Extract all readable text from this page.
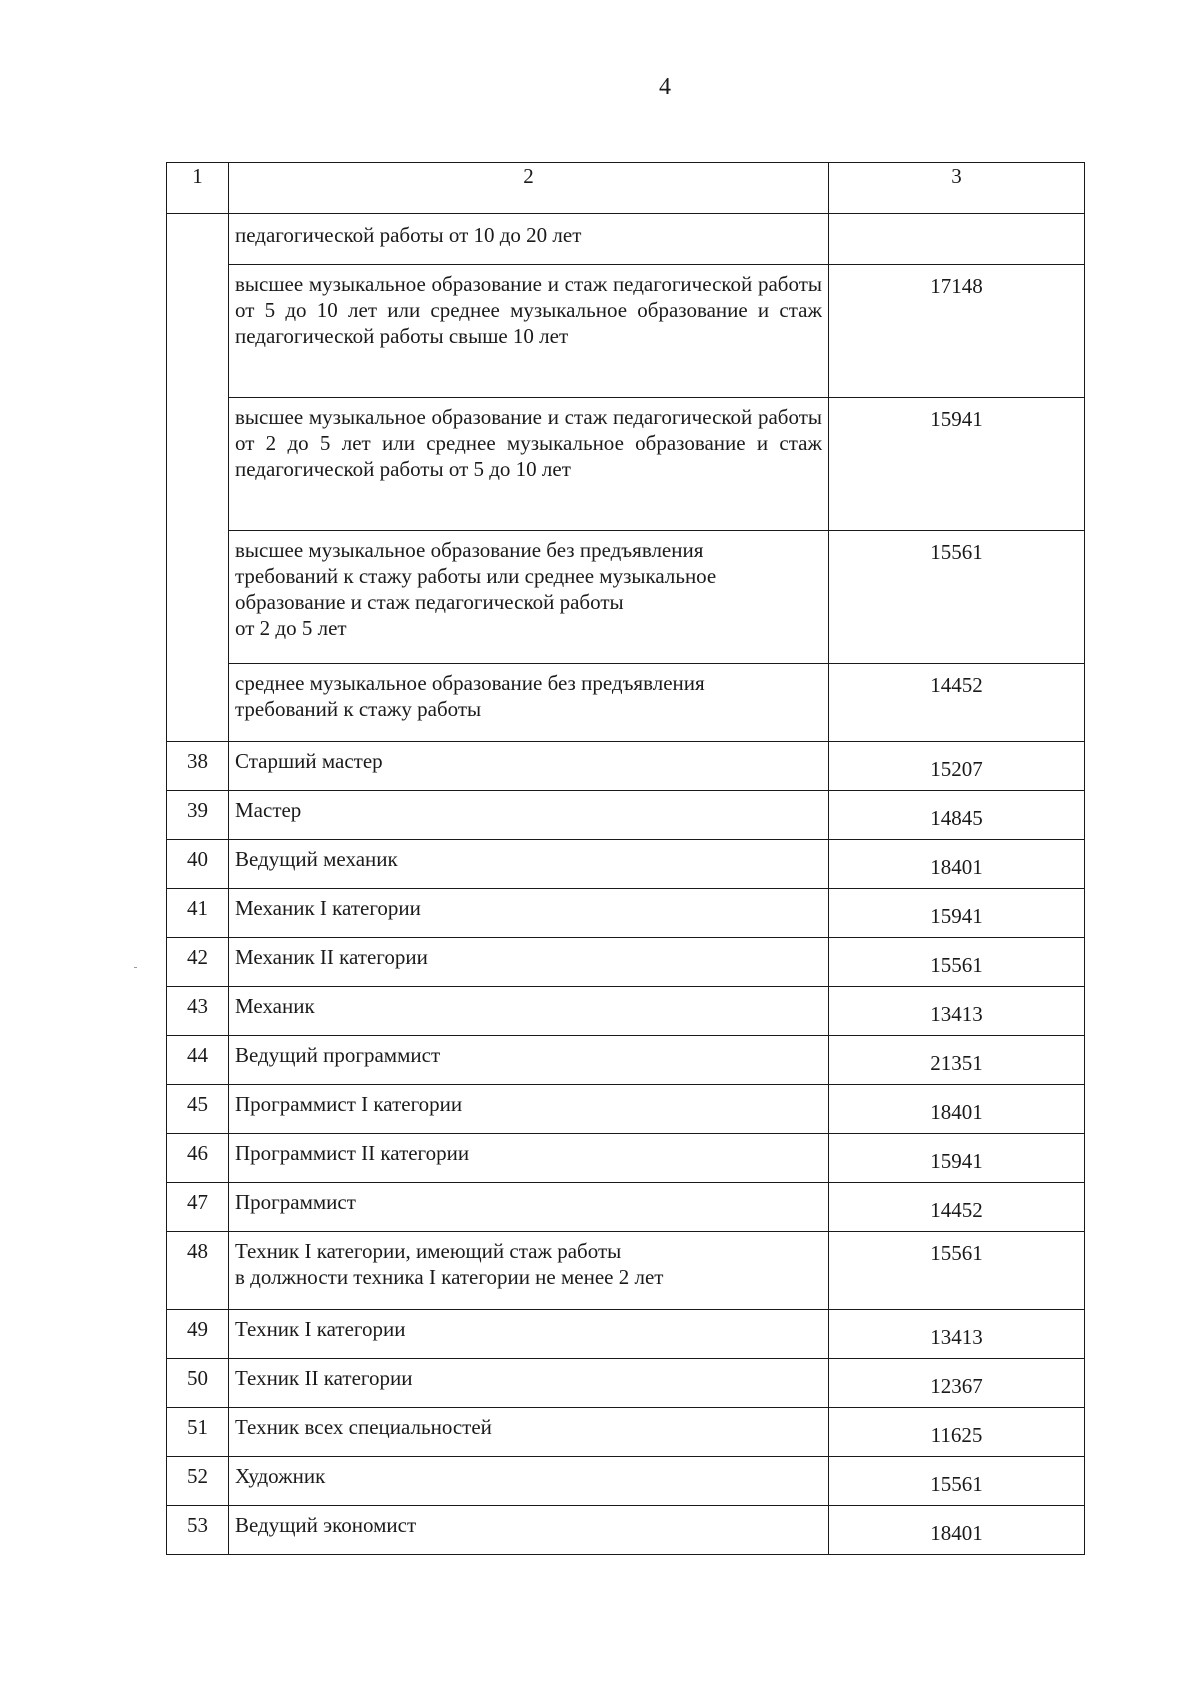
4
1	2	3
	педагогической работы от 10 до 20 лет	
	высшее музыкальное образование и стаж педагогической работы от 5 до 10 лет или среднее музыкальное образование и стаж педагогической работы свыше 10 лет	17148
	высшее музыкальное образование и стаж педагогической работы от 2 до 5 лет или среднее музыкальное образование и стаж педагогической работы от 5 до 10 лет	15941

	высшее музыкальное образование без предъявления
требований к стажу работы или среднее музыкальное
образование и стаж педагогической работы
от 2 до 5 лет	15561

	среднее музыкальное образование без предъявления
требований к стажу работы	14452
38	Старший мастер	15207
39	Мастер	14845
40	Ведущий механик	18401
41	Механик I категории	15941
42	Механик II категории	15561
43	Механик	13413
44	Ведущий программист	21351
45	Программист I категории	18401
46	Программист II категории	15941
47	Программист	14452
48	Техник I категории, имеющий стаж работы
в должности техника I категории не менее 2 лет	15561
49	Техник I категории	13413
50	Техник II категории	12367
51	Техник всех специальностей	11625
52	Художник	15561
53	Ведущий экономист	18401
